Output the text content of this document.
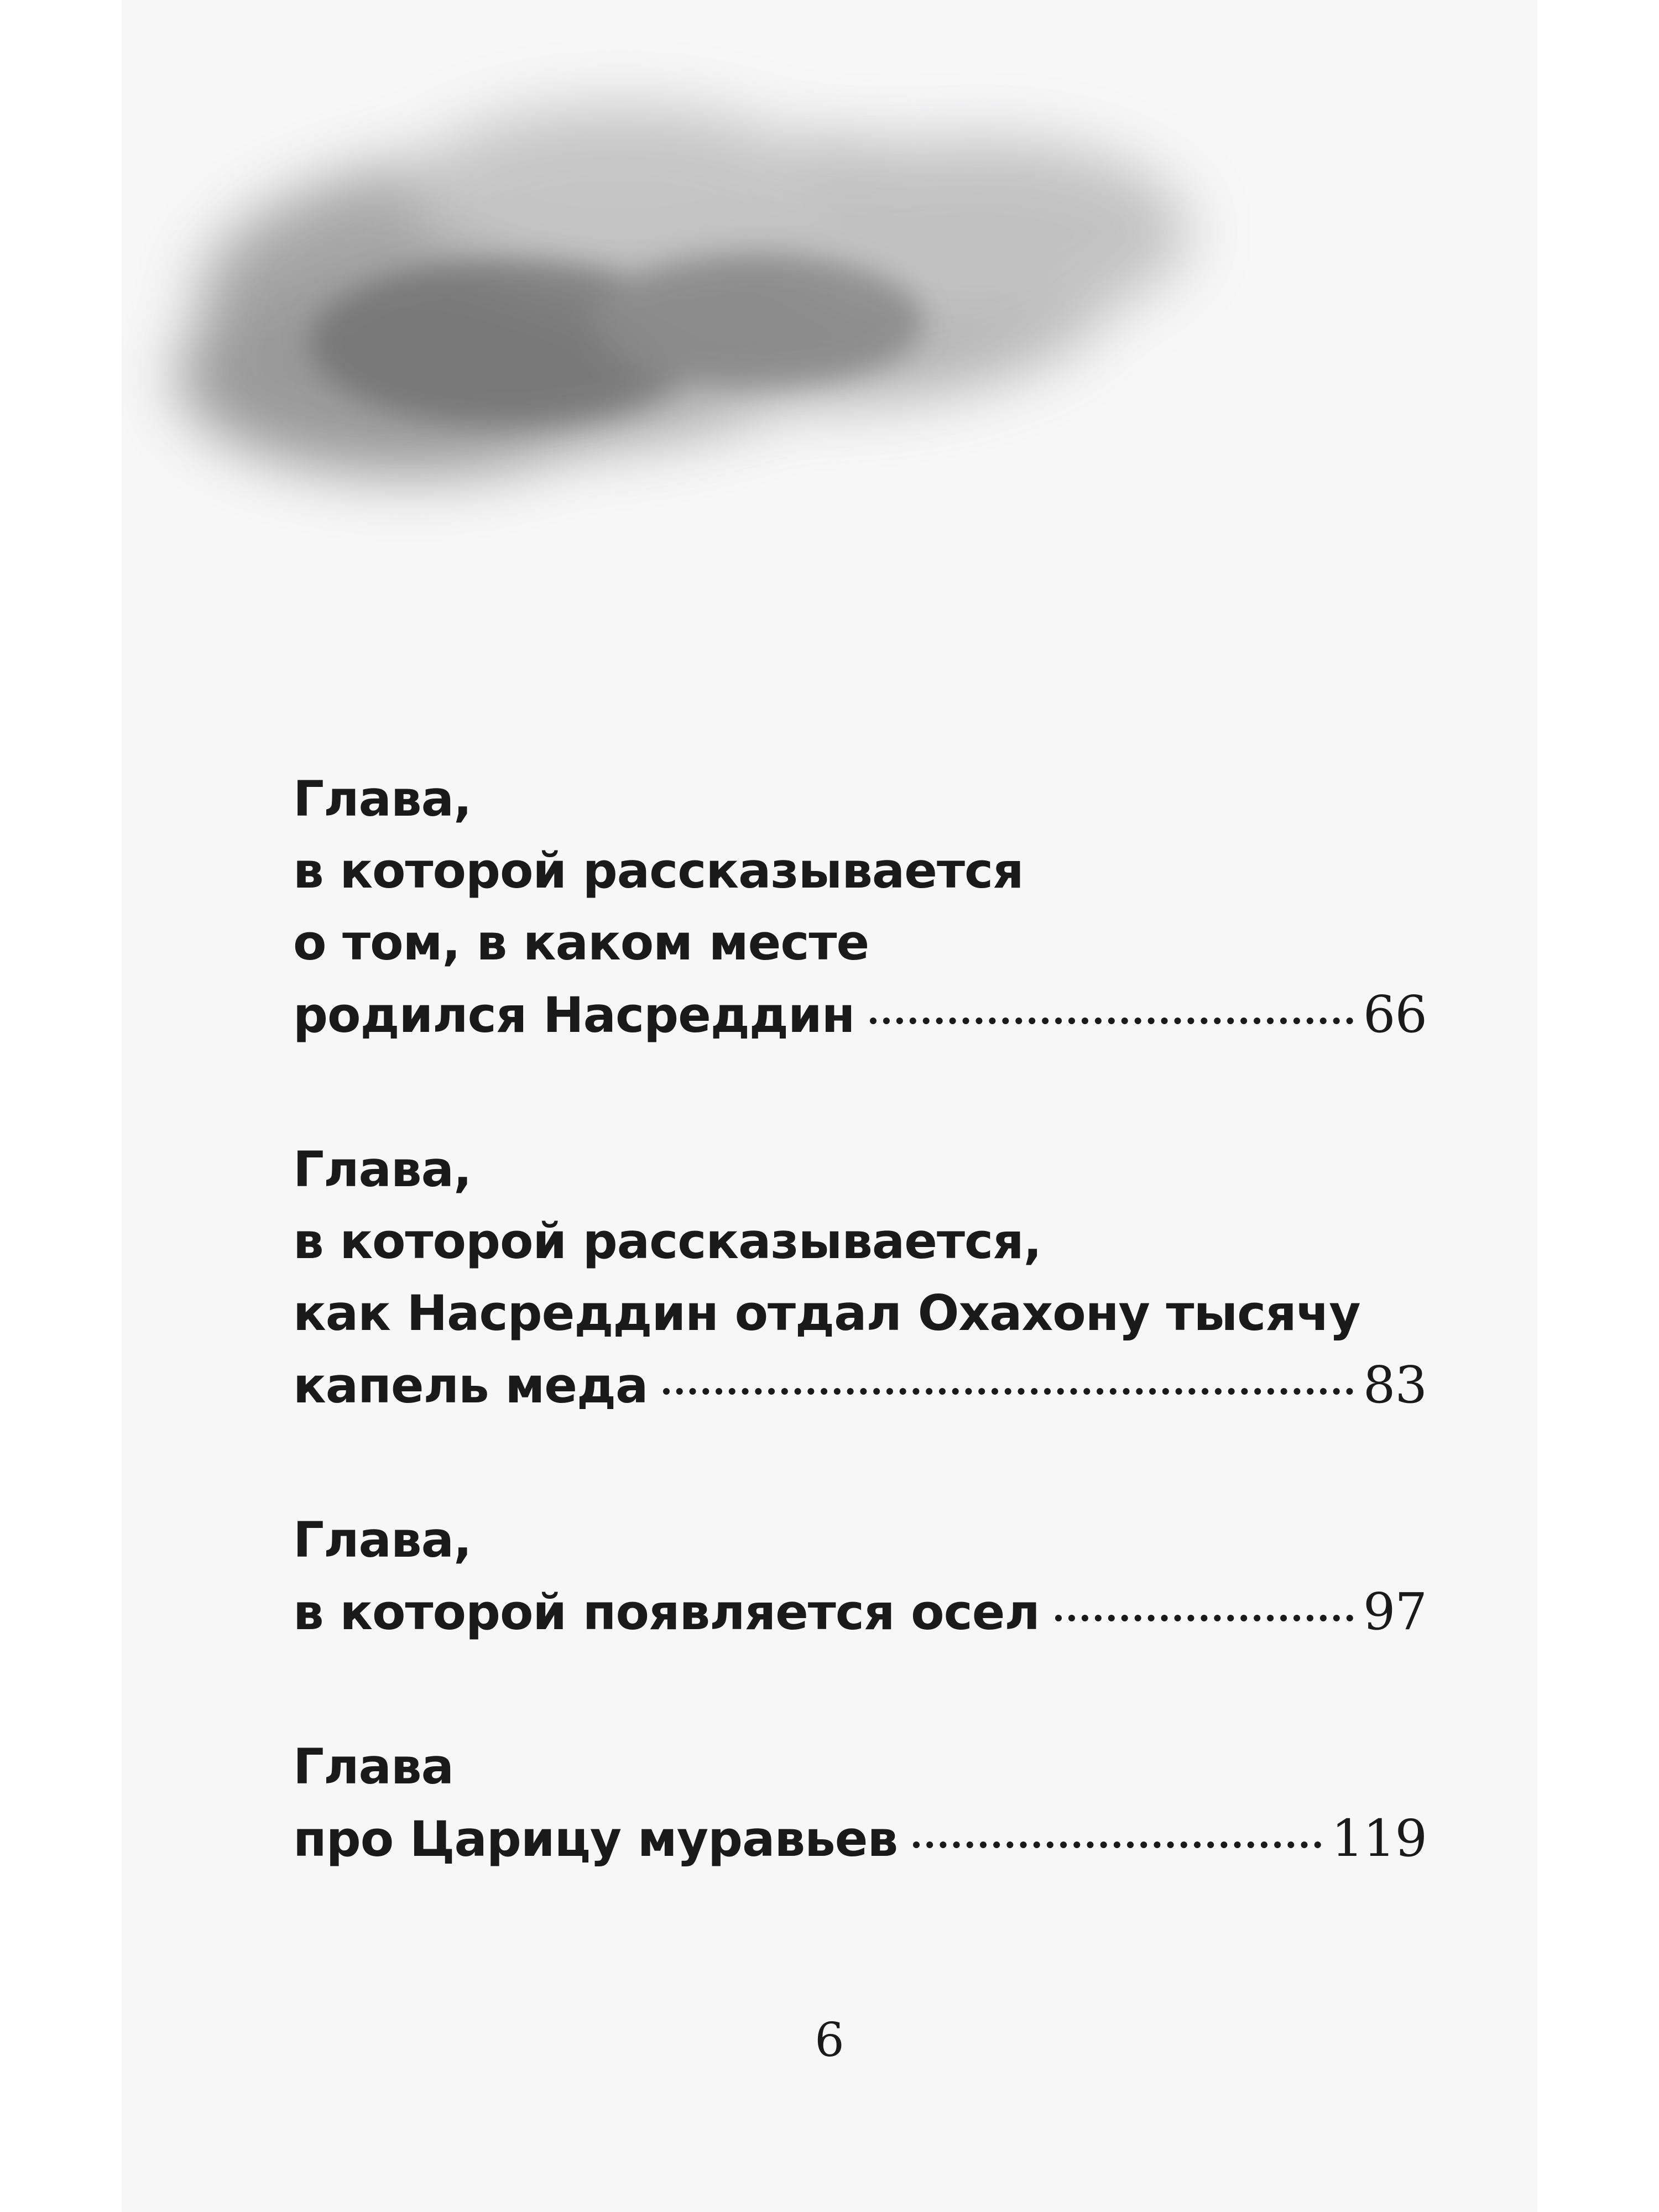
Глава,
в которой рассказывается
о том, в каком месте
родился Насреддин	66
Глава,
в которой рассказывается,
как Насреддин отдал Охахону тысячу
капель меда	83
Глава,
в которой появляется осел	97
Глава
про Царицу муравьев	119
6
